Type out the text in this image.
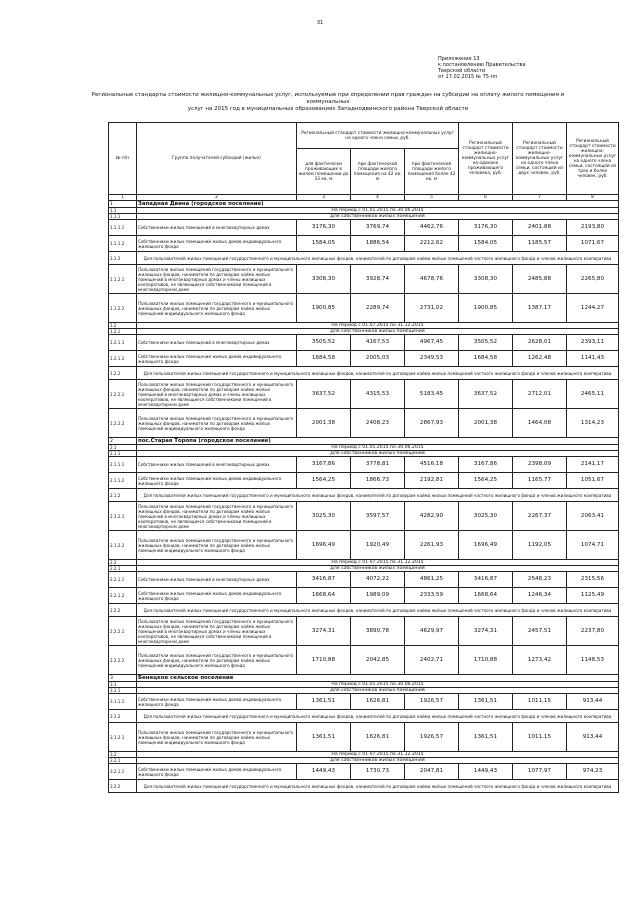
31
Приложение 13
к постановлению Правительства
Тверской области
от 17.02.2015 № 75-пп
Региональные стандарты стоимости жилищно-коммунальных услуг, используемые при определении прав граждан на субсидии на оплату жилого помещения и коммунальных
услуг на 2015 год в муниципальных образованиях Западнодвинского района Тверской области
№ п/п	Группа получателей субсидий (жилье)	Региональный стандарт стоимости жилищно-коммунальных услуг на одного члена семьи, руб.			Региональный стандарт стоимости жилищно-коммунальных услуг на одиноко проживающего человека, руб.	Региональный стандарт стоимости жилищно-коммунальных услуг на одного члена семьи, состоящей из двух человек, руб.	Региональный стандарт стоимости жилищно-коммунальных услуг на одного члена семьи, состоящей из трех и более человек, руб.
		для фактически проживающих в жилом помещении до 33 кв. м	при фактической площади жилого помещения на 42 кв. м	при фактической площади жилого помещения более 42 кв. м			
1	2	3	4	5	6	7	8
1	Западная Двина (городское поселение)						
1.1	На период с 01.01.2015 по 30.06.2015						
1.1.1	Для собственников жилых помещений						
1.1.1.1	Собственники жилых помещений в многоквартирных домах	3176,30	3769,74	4462,76	3176,30	2401,88	2193,80
1.1.1.2	Собственники жилых помещений жилых домов индивидуального жилищного фонда	1584,05	1886,54	2212,62	1584,05	1185,57	1071,67
1.1.2	Для пользователей жилых помещений государственного и муниципального жилищных фондов, нанимателей по договорам найма жилых помещений частного жилищного фонда и членов жилищного кооператива						
1.1.2.1	Пользователи жилых помещений государственного и муниципального жилищных фондов, наниматели по договорам найма жилых помещений в многоквартирных домах и члены жилищных кооперативов, не являющиеся собственниками помещений в многоквартирном доме	3308,30	3928,74	4678,76	3308,30	2485,88	2265,80
1.1.2.2	Пользователи жилых помещений государственного и муниципального жилищных фондов, наниматели по договорам найма жилых помещений индивидуального жилищного фонда	1900,85	2289,74	2731,02	1900,85	1387,17	1244,27
1.2	На период с 01.07.2015 по 31.12.2015						
1.2.1	Для собственников жилых помещений						
1.2.1.1	Собственники жилых помещений в многоквартирных домах	3505,52	4167,53	4967,45	3505,52	2628,01	2393,11
1.2.1.2	Собственники жилых помещений жилых домов индивидуального жилищного фонда	1684,58	2005,03	2349,53	1684,58	1262,48	1141,43
1.2.2	Для пользователей жилых помещений государственного и муниципального жилищных фондов, нанимателей по договорам найма жилых помещений частного жилищного фонда и членов жилищного кооператива						
1.2.2.1	Пользователи жилых помещений государственного и муниципального жилищных фондов, наниматели по договорам найма жилых помещений в многоквартирных домах и члены жилищных кооперативов, не являющиеся собственниками помещений в многоквартирном доме	3637,52	4315,53	5183,45	3637,52	2712,01	2465,11
1.2.2.2	Пользователи жилых помещений государственного и муниципального жилищных фондов, наниматели по договорам найма жилых помещений индивидуального жилищного фонда	2001,38	2408,23	2867,93	2001,38	1464,08	1314,23
2	пос.Старая Торопа (городское поселение)						
2.1	На период с 01.01.2015 по 30.06.2015						
2.1.1	Для собственников жилых помещений						
2.1.1.1	Собственники жилых помещений в многоквартирных домах	3167,86	3778,81	4516,18	3167,86	2398,09	2141,17
2.1.1.2	Собственники жилых помещений жилых домов индивидуального жилищного фонда	1564,25	1866,73	2192,81	1564,25	1165,77	1051,67
2.1.2	Для пользователей жилых помещений государственного и муниципального жилищных фондов, нанимателей по договорам найма жилых помещений частного жилищного фонда и членов жилищного кооператива						
2.1.2.1	Пользователи жилых помещений государственного и муниципального жилищных фондов, наниматели по договорам найма жилых помещений в многоквартирных домах и члены жилищных кооперативов, не являющиеся собственниками помещений в многоквартирном доме	3025,30	3597,57	4282,90	3025,30	2267,37	2063,41
2.1.2.2	Пользователи жилых помещений государственного и муниципального жилищных фондов, наниматели по договорам найма жилых помещений индивидуального жилищного фонда	1696,49	1920,49	2261,93	1696,49	1192,05	1074,71
2.2	На период с 01.07.2015 по 31.12.2015						
2.2.1	Для собственников жилых помещений						
2.2.1.1	Собственники жилых помещений в многоквартирных домах	3416,87	4072,22	4861,25	3416,87	2548,23	2315,56
2.2.1.2	Собственники жилых помещений жилых домов индивидуального жилищного фонда	1668,64	1989,09	2333,59	1668,64	1246,34	1125,49
2.2.2	Для пользователей жилых помещений государственного и муниципального жилищных фондов, нанимателей по договорам найма жилых помещений частного жилищного фонда и членов жилищного кооператива						
2.2.2.1	Пользователи жилых помещений государственного и муниципального жилищных фондов, наниматели по договорам найма жилых помещений в многоквартирных домах и члены жилищных кооперативов, не являющиеся собственниками помещений в многоквартирном доме	3274,31	3890,78	4629,97	3274,31	2457,51	2237,80
2.2.2.2	Пользователи жилых помещений государственного и муниципального жилищных фондов, наниматели по договорам найма жилых помещений индивидуального жилищного фонда	1710,88	2042,85	2402,71	1710,88	1273,42	1148,53
3	Бенецкое сельское поселение						
3.1	На период с 01.01.2015 по 30.06.2015						
3.1.1	Для собственников жилых помещений						
3.1.1.1	Собственники жилых помещений жилых домов индивидуального жилищного фонда	1361,51	1626,81	1926,57	1361,51	1011,15	913,44
3.1.2	Для пользователей жилых помещений государственного и муниципального жилищных фондов, нанимателей по договорам найма жилых помещений частного жилищного фонда и членов жилищного кооператива						
3.1.2.1	Пользователи жилых помещений государственного и муниципального жилищных фондов, наниматели по договорам найма жилых помещений индивидуального жилищного фонда	1361,51	1626,81	1926,57	1361,51	1011,15	913,44
3.2	На период с 01.07.2015 по 31.12.2015						
3.2.1	Для собственников жилых помещений						
3.2.1.1	Собственники жилых помещений жилых домов индивидуального жилищного фонда	1449,43	1730,73	2047,81	1449,43	1077,97	974,23
3.2.2	Для пользователей жилых помещений государственного и муниципального жилищных фондов, нанимателей по договорам найма жилых помещений частного жилищного фонда и членов жилищного кооператива						
